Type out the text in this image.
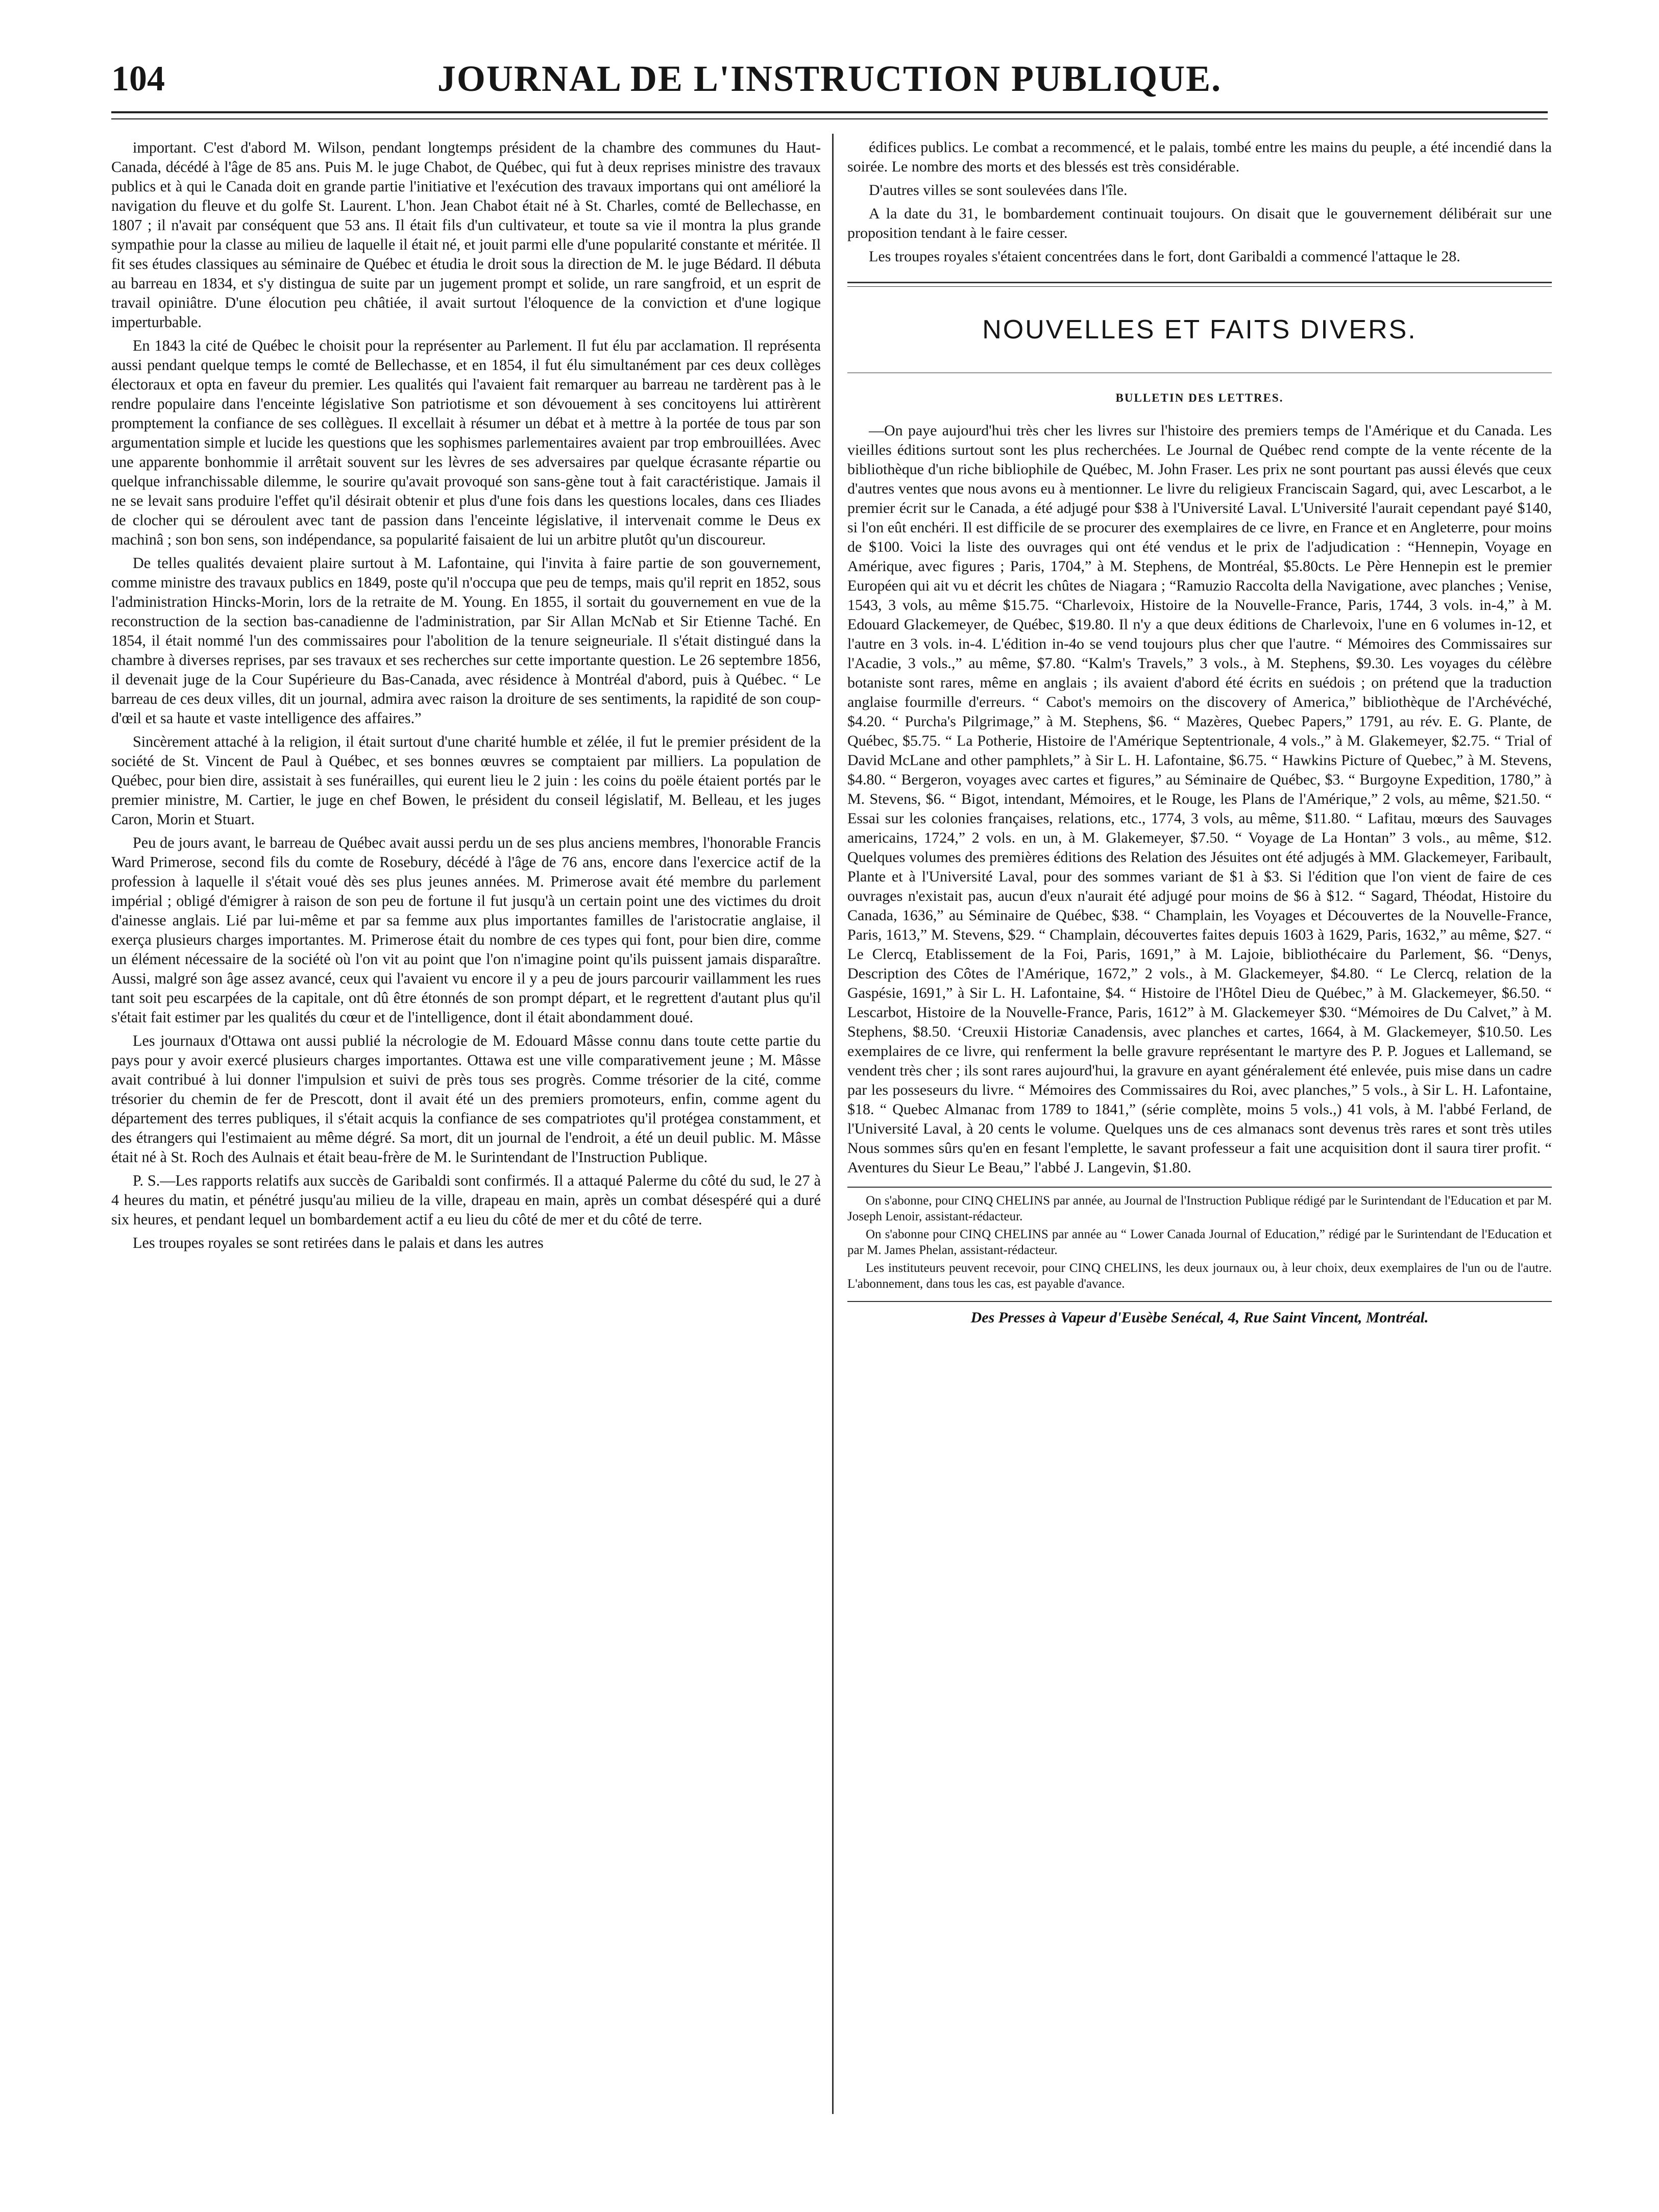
104	JOURNAL DE L'INSTRUCTION PUBLIQUE.

important. C'est d'abord M. Wilson, pendant longtemps président de la chambre des communes du Haut-Canada, décédé à l'âge de 85 ans. Puis M. le juge Chabot, de Québec, qui fut à deux reprises ministre des travaux publics et à qui le Canada doit en grande partie l'initiative et l'exécution des travaux importans qui ont amélioré la navigation du fleuve et du golfe St. Laurent. L'hon. Jean Chabot était né à St. Charles, comté de Bellechasse, en 1807 ; il n'avait par conséquent que 53 ans. Il était fils d'un cultivateur, et toute sa vie il montra la plus grande sympathie pour la classe au milieu de laquelle il était né, et jouit parmi elle d'une popularité constante et méritée. Il fit ses études classiques au séminaire de Québec et étudia le droit sous la direction de M. le juge Bédard. Il débuta au barreau en 1834, et s'y distingua de suite par un jugement prompt et solide, un rare sangfroid, et un esprit de travail opiniâtre. D'une élocution peu châtiée, il avait surtout l'éloquence de la conviction et d'une logique imperturbable.

En 1843 la cité de Québec le choisit pour la représenter au Parlement. Il fut élu par acclamation. Il représenta aussi pendant quelque temps le comté de Bellechasse, et en 1854, il fut élu simultanément par ces deux collèges électoraux et opta en faveur du premier. Les qualités qui l'avaient fait remarquer au barreau ne tardèrent pas à le rendre populaire dans l'enceinte législative Son patriotisme et son dévouement à ses concitoyens lui attirèrent promptement la confiance de ses collègues. Il excellait à résumer un débat et à mettre à la portée de tous par son argumentation simple et lucide les questions que les sophismes parlementaires avaient par trop embrouillées. Avec une apparente bonhommie il arrêtait souvent sur les lèvres de ses adversaires par quelque écrasante répartie ou quelque infranchissable dilemme, le sourire qu'avait provoqué son sans-gène tout à fait caractéristique. Jamais il ne se levait sans produire l'effet qu'il désirait obtenir et plus d'une fois dans les questions locales, dans ces Iliades de clocher qui se déroulent avec tant de passion dans l'enceinte législative, il intervenait comme le Deus ex machinâ ; son bon sens, son indépendance, sa popularité faisaient de lui un arbitre plutôt qu'un discoureur.

De telles qualités devaient plaire surtout à M. Lafontaine, qui l'invita à faire partie de son gouvernement, comme ministre des travaux publics en 1849, poste qu'il n'occupa que peu de temps, mais qu'il reprit en 1852, sous l'administration Hincks-Morin, lors de la retraite de M. Young. En 1855, il sortait du gouvernement en vue de la reconstruction de la section bas-canadienne de l'administration, par Sir Allan McNab et Sir Etienne Taché. En 1854, il était nommé l'un des commissaires pour l'abolition de la tenure seigneuriale. Il s'était distingué dans la chambre à diverses reprises, par ses travaux et ses recherches sur cette importante question. Le 26 septembre 1856, il devenait juge de la Cour Supérieure du Bas-Canada, avec résidence à Montréal d'abord, puis à Québec. “ Le barreau de ces deux villes, dit un journal, admira avec raison la droiture de ses sentiments, la rapidité de son coup-d'œil et sa haute et vaste intelligence des affaires.”

Sincèrement attaché à la religion, il était surtout d'une charité humble et zélée, il fut le premier président de la société de St. Vincent de Paul à Québec, et ses bonnes œuvres se comptaient par milliers. La population de Québec, pour bien dire, assistait à ses funérailles, qui eurent lieu le 2 juin : les coins du poële étaient portés par le premier ministre, M. Cartier, le juge en chef Bowen, le président du conseil législatif, M. Belleau, et les juges Caron, Morin et Stuart.

Peu de jours avant, le barreau de Québec avait aussi perdu un de ses plus anciens membres, l'honorable Francis Ward Primerose, second fils du comte de Rosebury, décédé à l'âge de 76 ans, encore dans l'exercice actif de la profession à laquelle il s'était voué dès ses plus jeunes années. M. Primerose avait été membre du parlement impérial ; obligé d'émigrer à raison de son peu de fortune il fut jusqu'à un certain point une des victimes du droit d'ainesse anglais. Lié par lui-même et par sa femme aux plus importantes familles de l'aristocratie anglaise, il exerça plusieurs charges importantes. M. Primerose était du nombre de ces types qui font, pour bien dire, comme un élément nécessaire de la société où l'on vit au point que l'on n'imagine point qu'ils puissent jamais disparaître. Aussi, malgré son âge assez avancé, ceux qui l'avaient vu encore il y a peu de jours parcourir vaillamment les rues tant soit peu escarpées de la capitale, ont dû être étonnés de son prompt départ, et le regrettent d'autant plus qu'il s'était fait estimer par les qualités du cœur et de l'intelligence, dont il était abondamment doué.

Les journaux d'Ottawa ont aussi publié la nécrologie de M. Edouard Mâsse connu dans toute cette partie du pays pour y avoir exercé plusieurs charges importantes. Ottawa est une ville comparativement jeune ; M. Mâsse avait contribué à lui donner l'impulsion et suivi de près tous ses progrès. Comme trésorier de la cité, comme trésorier du chemin de fer de Prescott, dont il avait été un des premiers promoteurs, enfin, comme agent du département des terres publiques, il s'était acquis la confiance de ses compatriotes qu'il protégea constamment, et des étrangers qui l'estimaient au même dégré. Sa mort, dit un journal de l'endroit, a été un deuil public. M. Mâsse était né à St. Roch des Aulnais et était beau-frère de M. le Surintendant de l'Instruction Publique.

P. S.—Les rapports relatifs aux succès de Garibaldi sont confirmés. Il a attaqué Palerme du côté du sud, le 27 à 4 heures du matin, et pénétré jusqu'au milieu de la ville, drapeau en main, après un combat désespéré qui a duré six heures, et pendant lequel un bombardement actif a eu lieu du côté de mer et du côté de terre.

Les troupes royales se sont retirées dans le palais et dans les autres

édifices publics. Le combat a recommencé, et le palais, tombé entre les mains du peuple, a été incendié dans la soirée. Le nombre des morts et des blessés est très considérable.

D'autres villes se sont soulevées dans l'île.

A la date du 31, le bombardement continuait toujours. On disait que le gouvernement délibérait sur une proposition tendant à le faire cesser.

Les troupes royales s'étaient concentrées dans le fort, dont Garibaldi a commencé l'attaque le 28.

NOUVELLES ET FAITS DIVERS.
BULLETIN DES LETTRES.

—On paye aujourd'hui très cher les livres sur l'histoire des premiers temps de l'Amérique et du Canada. Les vieilles éditions surtout sont les plus recherchées. Le Journal de Québec rend compte de la vente récente de la bibliothèque d'un riche bibliophile de Québec, M. John Fraser. Les prix ne sont pourtant pas aussi élevés que ceux d'autres ventes que nous avons eu à mentionner. Le livre du religieux Franciscain Sagard, qui, avec Lescarbot, a le premier écrit sur le Canada, a été adjugé pour $38 à l'Université Laval. L'Université l'aurait cependant payé $140, si l'on eût enchéri. Il est difficile de se procurer des exemplaires de ce livre, en France et en Angleterre, pour moins de $100. Voici la liste des ouvrages qui ont été vendus et le prix de l'adjudication : “Hennepin, Voyage en Amérique, avec figures ; Paris, 1704,” à M. Stephens, de Montréal, $5.80cts. Le Père Hennepin est le premier Européen qui ait vu et décrit les chûtes de Niagara ; “Ramuzio Raccolta della Navigatione, avec planches ; Venise, 1543, 3 vols, au même $15.75. “Charlevoix, Histoire de la Nouvelle-France, Paris, 1744, 3 vols. in-4,” à M. Edouard Glackemeyer, de Québec, $19.80. Il n'y a que deux éditions de Charlevoix, l'une en 6 volumes in-12, et l'autre en 3 vols. in-4. L'édition in-4o se vend toujours plus cher que l'autre. “ Mémoires des Commissaires sur l'Acadie, 3 vols.,” au même, $7.80. “Kalm's Travels,” 3 vols., à M. Stephens, $9.30. Les voyages du célèbre botaniste sont rares, même en anglais ; ils avaient d'abord été écrits en suédois ; on prétend que la traduction anglaise fourmille d'erreurs. “ Cabot's memoirs on the discovery of America,” bibliothèque de l'Archévéché, $4.20. “ Purcha's Pilgrimage,” à M. Stephens, $6. “ Mazères, Quebec Papers,” 1791, au rév. E. G. Plante, de Québec, $5.75. “ La Potherie, Histoire de l'Amérique Septentrionale, 4 vols.,” à M. Glakemeyer, $2.75. “ Trial of David McLane and other pamphlets,” à Sir L. H. Lafontaine, $6.75. “ Hawkins Picture of Quebec,” à M. Stevens, $4.80. “ Bergeron, voyages avec cartes et figures,” au Séminaire de Québec, $3. “ Burgoyne Expedition, 1780,” à M. Stevens, $6. “ Bigot, intendant, Mémoires, et le Rouge, les Plans de l'Amérique,” 2 vols, au même, $21.50. “ Essai sur les colonies françaises, relations, etc., 1774, 3 vols, au même, $11.80. “ Lafitau, mœurs des Sauvages americains, 1724,” 2 vols. en un, à M. Glakemeyer, $7.50. “ Voyage de La Hontan” 3 vols., au même, $12. Quelques volumes des premières éditions des Relation des Jésuites ont été adjugés à MM. Glackemeyer, Faribault, Plante et à l'Université Laval, pour des sommes variant de $1 à $3. Si l'édition que l'on vient de faire de ces ouvrages n'existait pas, aucun d'eux n'aurait été adjugé pour moins de $6 à $12. “ Sagard, Théodat, Histoire du Canada, 1636,” au Séminaire de Québec, $38. “ Champlain, les Voyages et Découvertes de la Nouvelle-France, Paris, 1613,” M. Stevens, $29. “ Champlain, découvertes faites depuis 1603 à 1629, Paris, 1632,” au même, $27. “ Le Clercq, Etablissement de la Foi, Paris, 1691,” à M. Lajoie, bibliothécaire du Parlement, $6. “Denys, Description des Côtes de l'Amérique, 1672,” 2 vols., à M. Glackemeyer, $4.80. “ Le Clercq, relation de la Gaspésie, 1691,” à Sir L. H. Lafontaine, $4. “ Histoire de l'Hôtel Dieu de Québec,” à M. Glackemeyer, $6.50. “ Lescarbot, Histoire de la Nouvelle-France, Paris, 1612” à M. Glackemeyer $30. “Mémoires de Du Calvet,” à M. Stephens, $8.50. ‘Creuxii Historiæ Canadensis, avec planches et cartes, 1664, à M. Glackemeyer, $10.50. Les exemplaires de ce livre, qui renferment la belle gravure représentant le martyre des P. P. Jogues et Lallemand, se vendent très cher ; ils sont rares aujourd'hui, la gravure en ayant généralement été enlevée, puis mise dans un cadre par les posseseurs du livre. “ Mémoires des Commissaires du Roi, avec planches,” 5 vols., à Sir L. H. Lafontaine, $18. “ Quebec Almanac from 1789 to 1841,” (série complète, moins 5 vols.,) 41 vols, à M. l'abbé Ferland, de l'Université Laval, à 20 cents le volume. Quelques uns de ces almanacs sont devenus très rares et sont très utiles Nous sommes sûrs qu'en en fesant l'emplette, le savant professeur a fait une acquisition dont il saura tirer profit. “ Aventures du Sieur Le Beau,” l'abbé J. Langevin, $1.80.

On s'abonne, pour CINQ CHELINS par année, au Journal de l'Instruction Publique rédigé par le Surintendant de l'Education et par M. Joseph Lenoir, assistant-rédacteur.

On s'abonne pour CINQ CHELINS par année au “ Lower Canada Journal of Education,” rédigé par le Surintendant de l'Education et par M. James Phelan, assistant-rédacteur.

Les instituteurs peuvent recevoir, pour CINQ CHELINS, les deux journaux ou, à leur choix, deux exemplaires de l'un ou de l'autre. L'abonnement, dans tous les cas, est payable d'avance.

Des Presses à Vapeur d'Eusèbe Senécal, 4, Rue Saint Vincent, Montréal.
